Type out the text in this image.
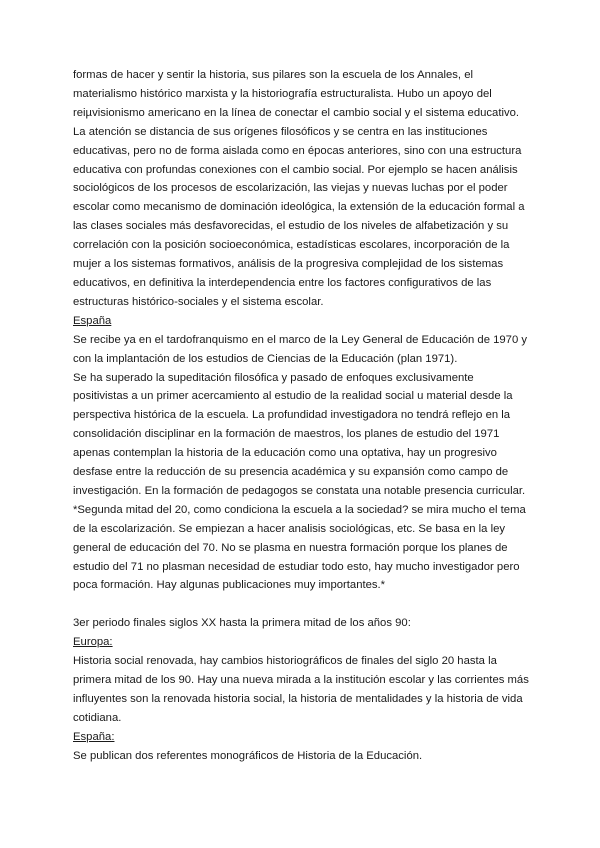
formas de hacer y sentir la historia, sus pilares son la escuela de los Annales, el materialismo histórico marxista y la historiografía estructuralista. Hubo un apoyo del reiµvisionismo americano en la línea de conectar el cambio social y el sistema educativo. La atención se distancia de sus orígenes filosóficos y se centra en las instituciones educativas, pero no de forma aislada como en épocas anteriores, sino con una estructura educativa con profundas conexiones con el cambio social. Por ejemplo se hacen análisis sociológicos de los procesos de escolarización, las viejas y nuevas luchas por el poder escolar como mecanismo de dominación ideológica, la extensión de la educación formal a las clases sociales más desfavorecidas, el estudio de los niveles de alfabetización y su correlación con la posición socioeconómica, estadísticas escolares, incorporación de la mujer a los sistemas formativos, análisis de la progresiva complejidad de los sistemas educativos, en definitiva la interdependencia entre los factores configurativos de las estructuras histórico-sociales y el sistema escolar.

España

Se recibe ya en el tardofranquismo en el marco de la Ley General de Educación de 1970 y con la implantación de los estudios de Ciencias de la Educación (plan 1971).

Se ha superado la supeditación filosófica y pasado de enfoques exclusivamente positivistas a un primer acercamiento al estudio de la realidad social u material desde la perspectiva histórica de la escuela. La profundidad investigadora no tendrá reflejo en la consolidación disciplinar en la formación de maestros, los planes de estudio del 1971 apenas contemplan la historia de la educación como una optativa, hay un progresivo desfase entre la reducción de su presencia académica y su expansión como campo de investigación. En la formación de pedagogos se constata una notable presencia curricular.

*Segunda mitad del 20, como condiciona la escuela a la sociedad? se mira mucho el tema de la escolarización. Se empiezan a hacer analisis sociológicas, etc. Se basa en la ley general de educación del 70. No se plasma en nuestra formación porque los planes de estudio del 71 no plasman necesidad de estudiar todo esto, hay mucho investigador pero poca formación. Hay algunas publicaciones muy importantes.*

3er periodo finales siglos XX hasta la primera mitad de los años 90:

Europa:

Historia social renovada, hay cambios historiográficos de finales del siglo 20 hasta la primera mitad de los 90. Hay una nueva mirada a la institución escolar y las corrientes más influyentes son la renovada historia social, la historia de mentalidades y la historia de vida cotidiana.

España:

Se publican dos referentes monográficos de Historia de la Educación.
